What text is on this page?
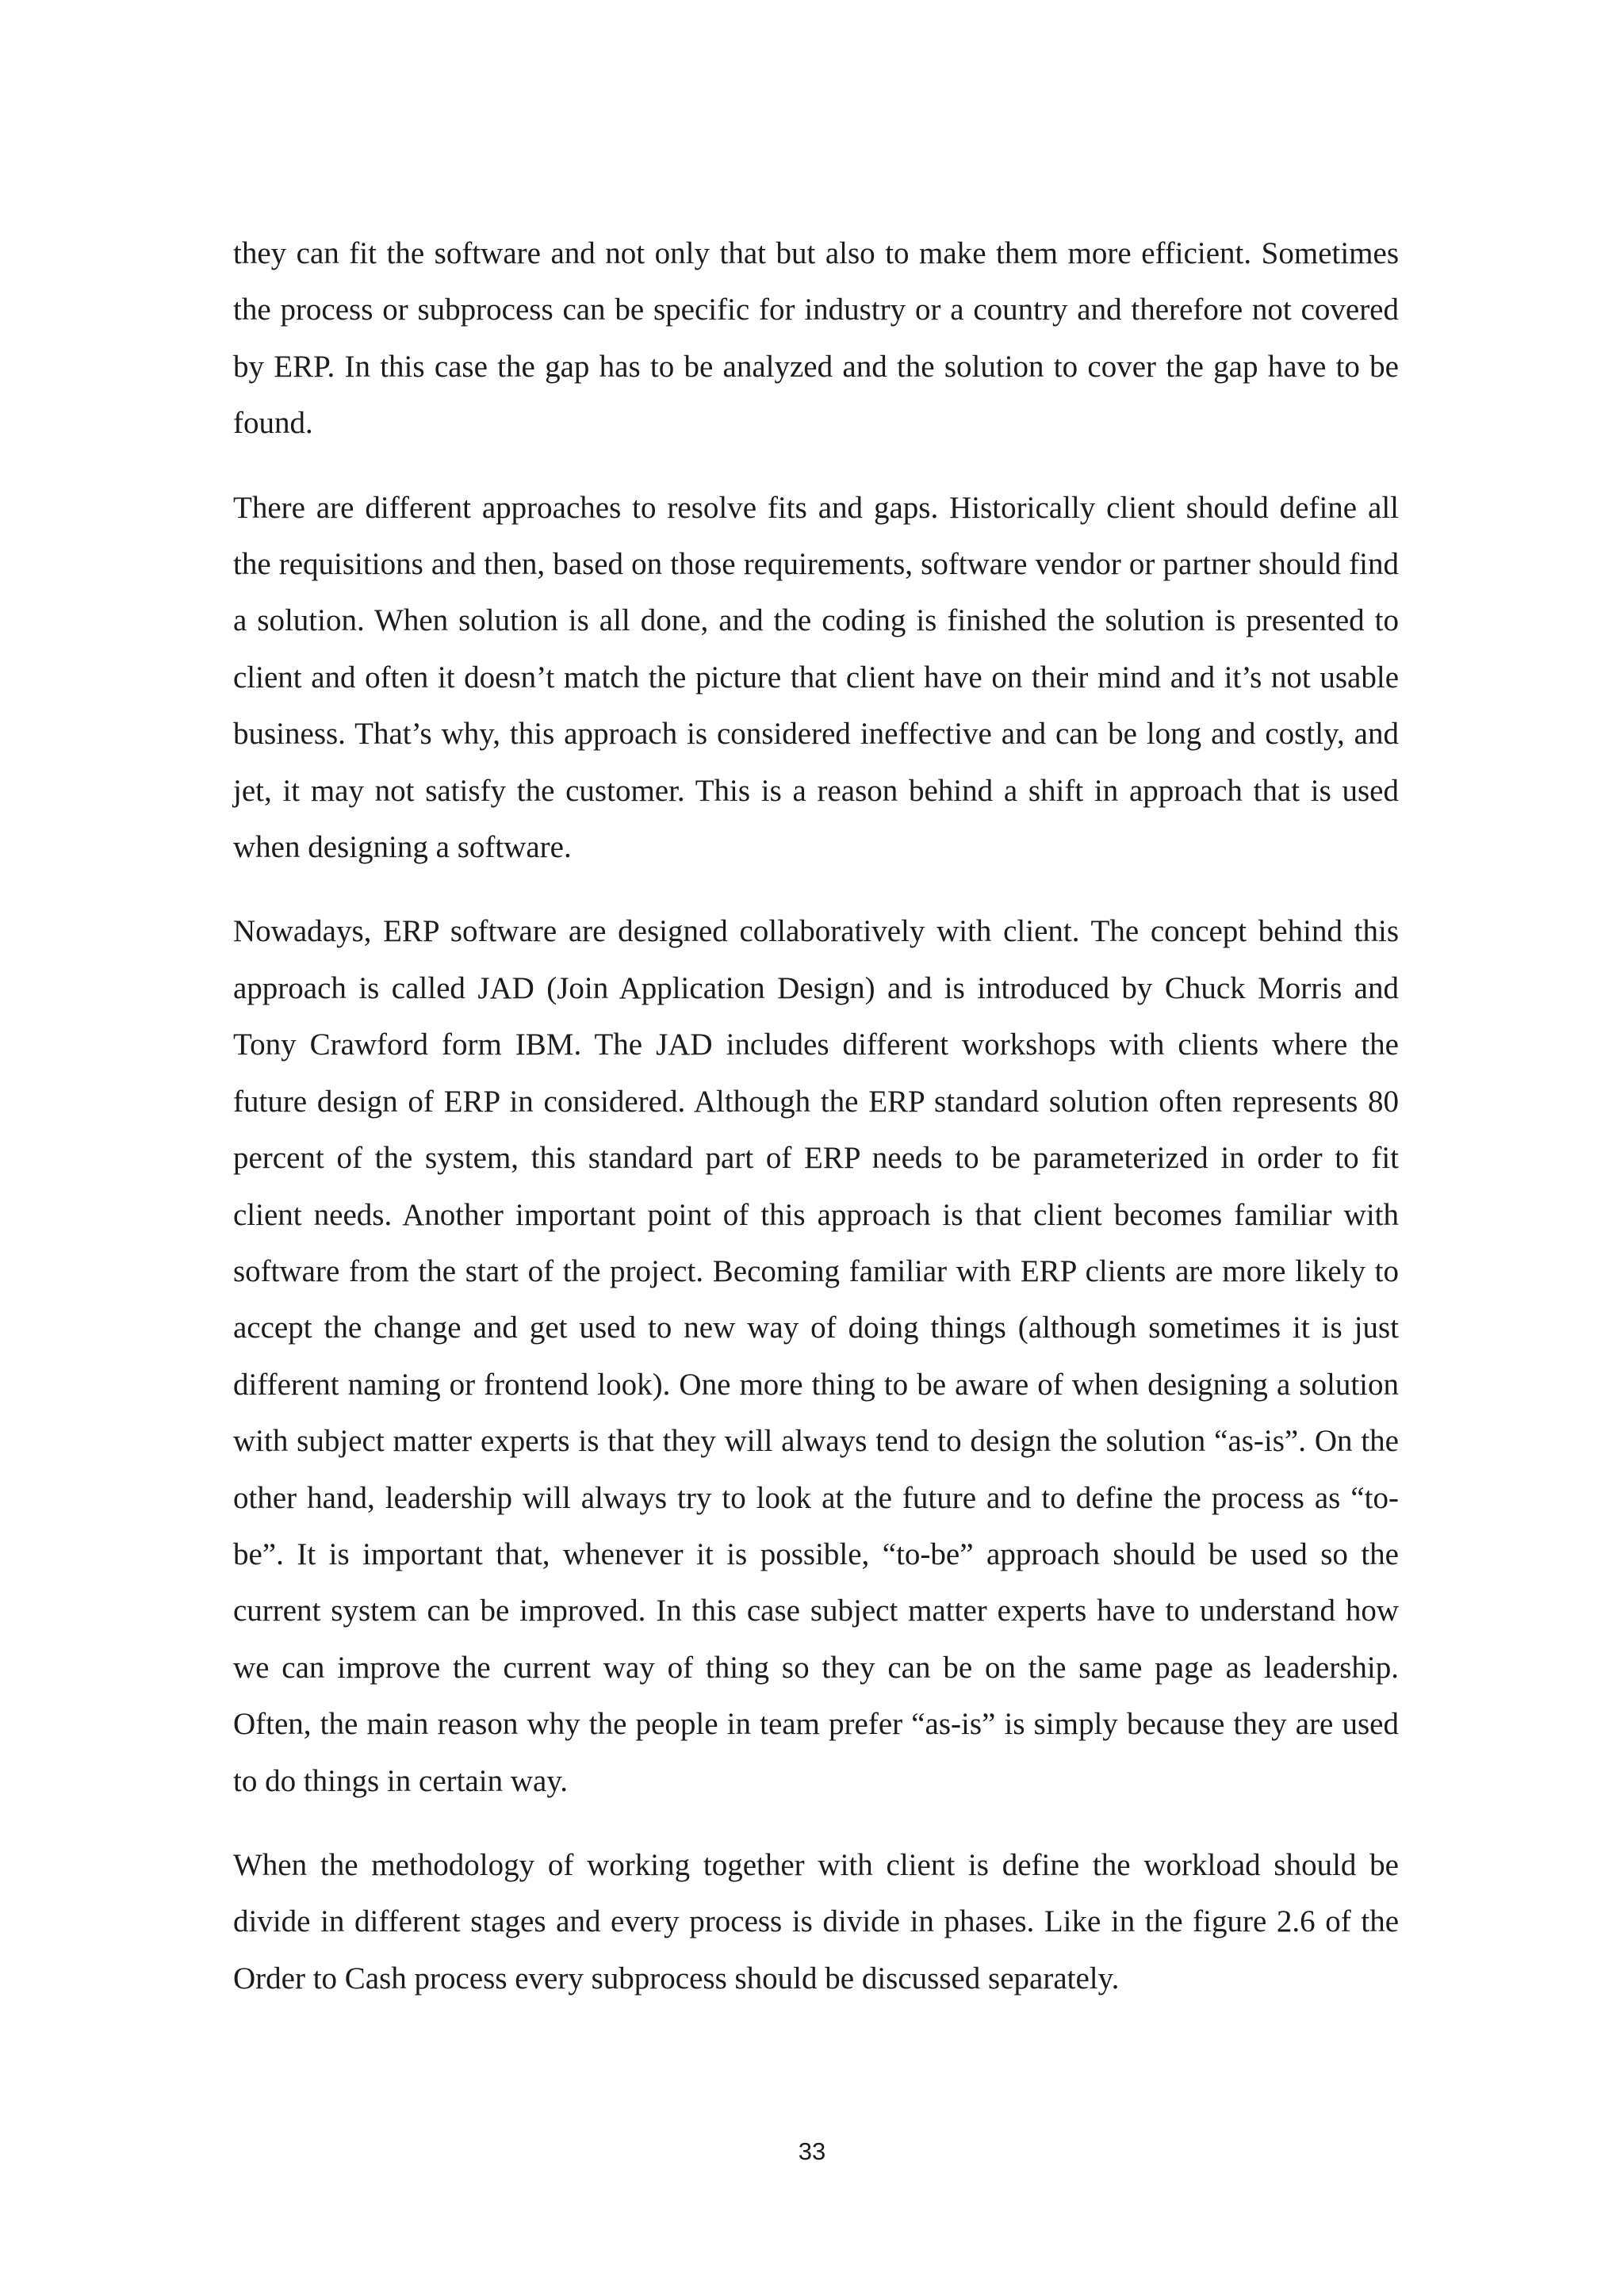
they can fit the software and not only that but also to make them more efficient. Sometimes the process or subprocess can be specific for industry or a country and therefore not covered by ERP. In this case the gap has to be analyzed and the solution to cover the gap have to be found.

There are different approaches to resolve fits and gaps. Historically client should define all the requisitions and then, based on those requirements, software vendor or partner should find a solution. When solution is all done, and the coding is finished the solution is presented to client and often it doesn’t match the picture that client have on their mind and it’s not usable business. That’s why, this approach is considered ineffective and can be long and costly, and jet, it may not satisfy the customer. This is a reason behind a shift in approach that is used when designing a software.

Nowadays, ERP software are designed collaboratively with client. The concept behind this approach is called JAD (Join Application Design) and is introduced by Chuck Morris and Tony Crawford form IBM. The JAD includes different workshops with clients where the future design of ERP in considered. Although the ERP standard solution often represents 80 percent of the system, this standard part of ERP needs to be parameterized in order to fit client needs. Another important point of this approach is that client becomes familiar with software from the start of the project. Becoming familiar with ERP clients are more likely to accept the change and get used to new way of doing things (although sometimes it is just different naming or frontend look). One more thing to be aware of when designing a solution with subject matter experts is that they will always tend to design the solution “as-is”. On the other hand, leadership will always try to look at the future and to define the process as “to-be”. It is important that, whenever it is possible, “to-be” approach should be used so the current system can be improved. In this case subject matter experts have to understand how we can improve the current way of thing so they can be on the same page as leadership. Often, the main reason why the people in team prefer “as-is” is simply because they are used to do things in certain way.

When the methodology of working together with client is define the workload should be divide in different stages and every process is divide in phases. Like in the figure 2.6 of the Order to Cash process every subprocess should be discussed separately.

33
